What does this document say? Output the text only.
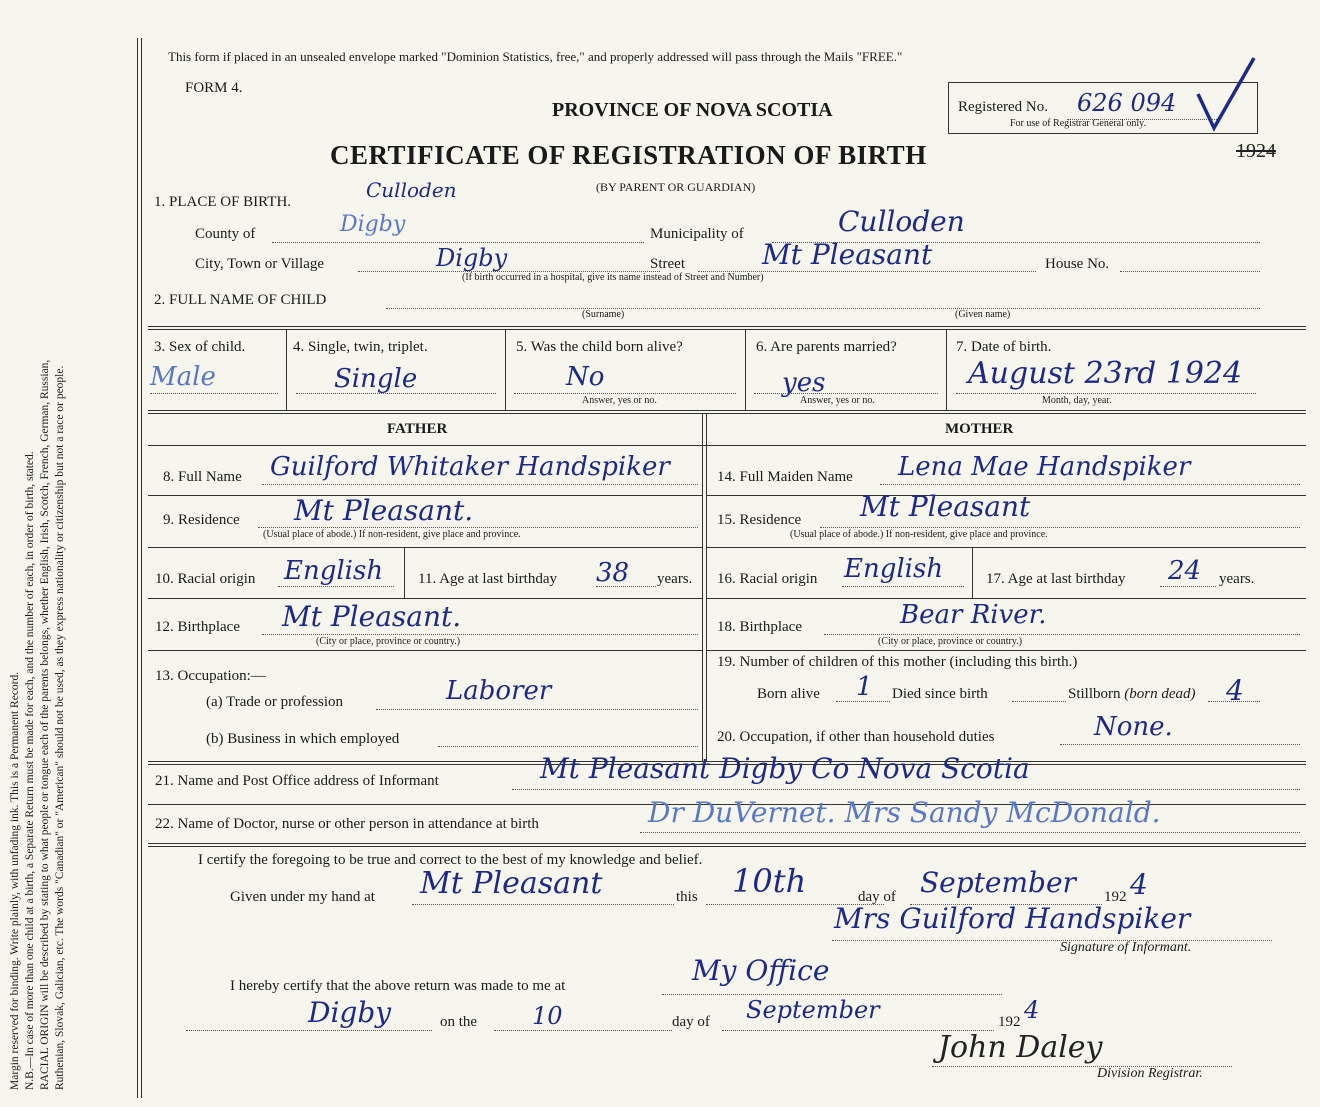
Margin reserved for binding. Write plainly, with unfading ink. This is a Permanent Record. N.B.—In case of more than one child at a birth, a Separate Return must be made for each, and the number of each, in order of birth, stated. RACIAL ORIGIN will be described by stating to what people or tongue each of the parents belongs, whether English, Irish, Scotch, French, German, Russian, Ruthenian, Slovak, Galician, etc. The words "Canadian" or "American" should not be used, as they express nationality or citizenship but not a race or people.
This form if placed in an unsealed envelope marked "Dominion Statistics, free," and properly addressed will pass through the Mails "FREE."
FORM 4.
PROVINCE OF NOVA SCOTIA	Registered No. 626 094
For use of Registrar General only.
CERTIFICATE OF REGISTRATION OF BIRTH	1924
(BY PARENT OR GUARDIAN)
1. PLACE OF BIRTH.	Culloden
County of	Digby	Municipality of	Culloden
City, Town or Village	Digby	Street	Mt Pleasant	House No.
(If birth occurred in a hospital, give its name instead of Street and Number)
2. FULL NAME OF CHILD
(Surname)	(Given name)
3. Sex of child.
Male
4. Single, twin, triplet.
Single
5. Was the child born alive?
No
Answer, yes or no.
6. Are parents married?
yes
Answer, yes or no.
7. Date of birth.
August 23rd 1924
Month, day, year.
FATHER	MOTHER
8. Full Name Guilford Whitaker Handspiker
9. Residence Mt Pleasant.
(Usual place of abode.) If non-resident, give place and province.
10. Racial origin English 11. Age at last birthday 38 years.
12. Birthplace Mt Pleasant.
(City or place, province or country.)
13. Occupation:—
(a) Trade or profession	Laborer
(b) Business in which employed
14. Full Maiden Name Lena Mae Handspiker
15. Residence Mt Pleasant
(Usual place of abode.) If non-resident, give place and province.
16. Racial origin English	17. Age at last birthday 24 years.
18. Birthplace	Bear River.
(City or place, province or country.)
19. Number of children of this mother (including this birth.)
Born alive 1 Died since birth	Stillborn (born dead) 4
20. Occupation, if other than household duties	None.
21. Name and Post Office address of Informant	Mt Pleasant Digby Co Nova Scotia
22. Name of Doctor, nurse or other person in attendance at birth	Dr DuVernet. Mrs Sandy McDonald.
I certify the foregoing to be true and correct to the best of my knowledge and belief.
Given under my hand at Mt Pleasant	this 10th	day of September 192 4
Mrs Guilford Handspiker
Signature of Informant.
I hereby certify that the above return was made to me at	My Office
Digby	on the 10	day of September	192 4
John Daley
Division Registrar.
